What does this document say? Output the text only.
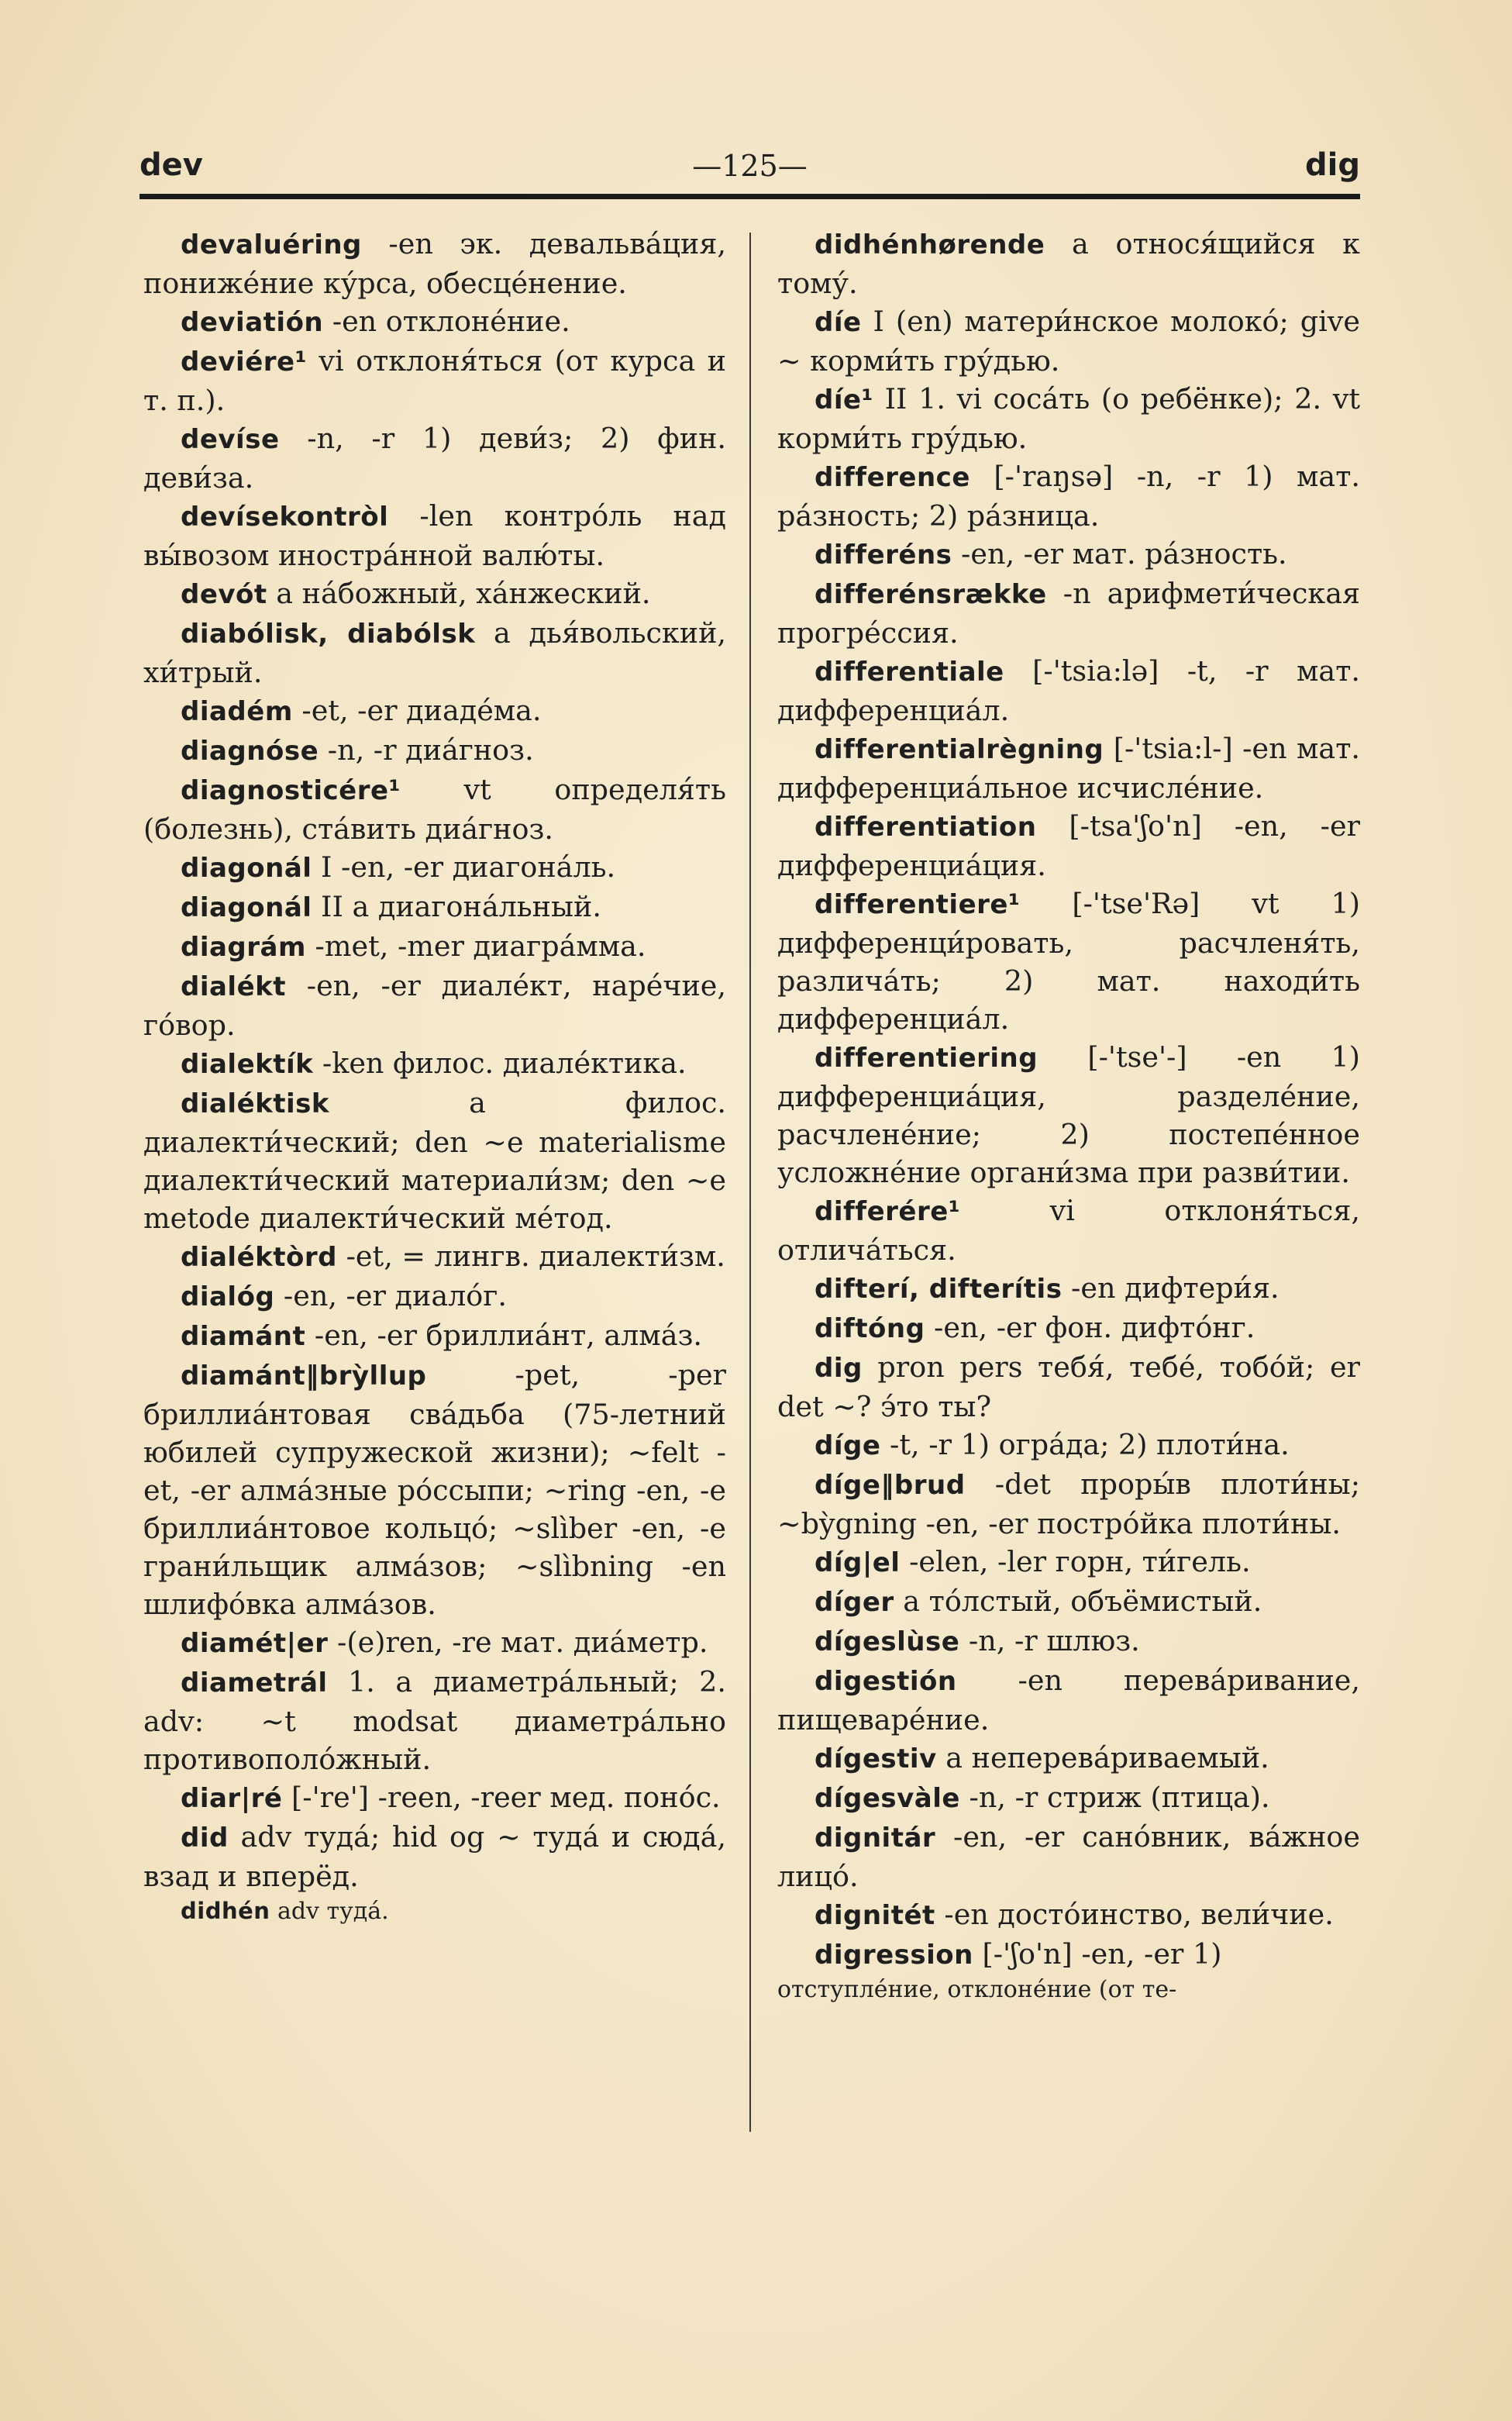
dev	—125—	dig

devaluéring -en эк. девальва́ция, пониже́ние ку́рса, обесце́нение.

deviatión -en отклоне́ние.

deviére¹ vi отклоня́ться (от курса и т. п.).

devíse -n, -r 1) деви́з; 2) фин. деви́за.

devísekontròl -len контро́ль над вы́возом иностра́нной валю́ты.

devót a на́божный, ха́нжеский.

diabólisk, diabólsk a дья́вольский, хи́трый.

diadém -et, -er диаде́ма.

diagnóse -n, -r диа́гноз.

diagnosticére¹ vt определя́ть (болезнь), ста́вить диа́гноз.

diagonál I -en, -er диагона́ль.

diagonál II a диагона́льный.

diagrám -met, -mer диагра́мма.

dialékt -en, -er диале́кт, наре́чие, го́вор.

dialektík -ken филос. диале́ктика.

dialéktisk a филос. диалекти́ческий; den ~e materialisme диалекти́ческий материали́зм; den ~e metode диалекти́ческий ме́тод.

dialéktòrd -et, = лингв. диалекти́зм.

dialóg -en, -er диало́г.

diamánt -en, -er бриллиа́нт, алма́з.

diamánt‖brỳllup -pet, -per бриллиа́нтовая сва́дьба (75-летний юбилей супружеской жизни); ~felt -et, -er алма́зные ро́ссыпи; ~ring -en, -e бриллиа́нтовое кольцо́; ~slìber -en, -e грани́льщик алма́зов; ~slìbning -en шлифо́вка алма́зов.

diamét|er -(e)ren, -re мат. диа́метр.

diametrál 1. a диаметра́льный; 2. adv: ~t modsat диаметра́льно противополо́жный.

diar|ré [-'re'] -reen, -reer мед. поно́с.

did adv туда́; hid og ~ туда́ и сюда́, взад и вперёд.

didhén adv туда́.

didhénhørende a относя́щийся к тому́.

díe I (en) матери́нское молоко́; give ~ корми́ть гру́дью.

díe¹ II 1. vi соса́ть (о ребёнке); 2. vt корми́ть гру́дью.

difference [-'raŋsə] -n, -r 1) мат. ра́зность; 2) ра́зница.

differéns -en, -er мат. ра́зность.

differénsrække -n арифмети́ческая прогре́ссия.

differentiale [-'tsia:lə] -t, -r мат. дифференциа́л.

differentialrègning [-'tsia:l-] -en мат. дифференциа́льное исчисле́ние.

differentiation [-tsa'ʃo'n] -en, -er дифференциа́ция.

differentiere¹ [-'tse'Rə] vt 1) дифференци́ровать, расчленя́ть, различа́ть; 2) мат. находи́ть дифференциа́л.

differentiering [-'tse'-] -en 1) дифференциа́ция, разделе́ние, расчлене́ние; 2) постепе́нное усложне́ние органи́зма при разви́тии.

differére¹ vi отклоня́ться, отлича́ться.

difterí, difterítis -en дифтери́я.

diftóng -en, -er фон. дифто́нг.

dig pron pers тебя́, тебе́, тобо́й; er det ~? э́то ты?

díge -t, -r 1) огра́да; 2) плоти́на.

díge‖brud -det проры́в плоти́ны; ~bỳgning -en, -er постро́йка плоти́ны.

díg|el -elen, -ler горн, ти́гель.

díger a то́лстый, объёмистый.

dígeslùse -n, -r шлюз.

digestión -en перева́ривание, пищеваре́ние.

dígestiv a неперева́риваемый.

dígesvàle -n, -r стриж (птица).

dignitár -en, -er сано́вник, ва́жное лицо́.

dignitét -en досто́инство, вели́чие.

digression [-'ʃo'n] -en, -er 1)

отступле́ние, отклоне́ние (от те-
